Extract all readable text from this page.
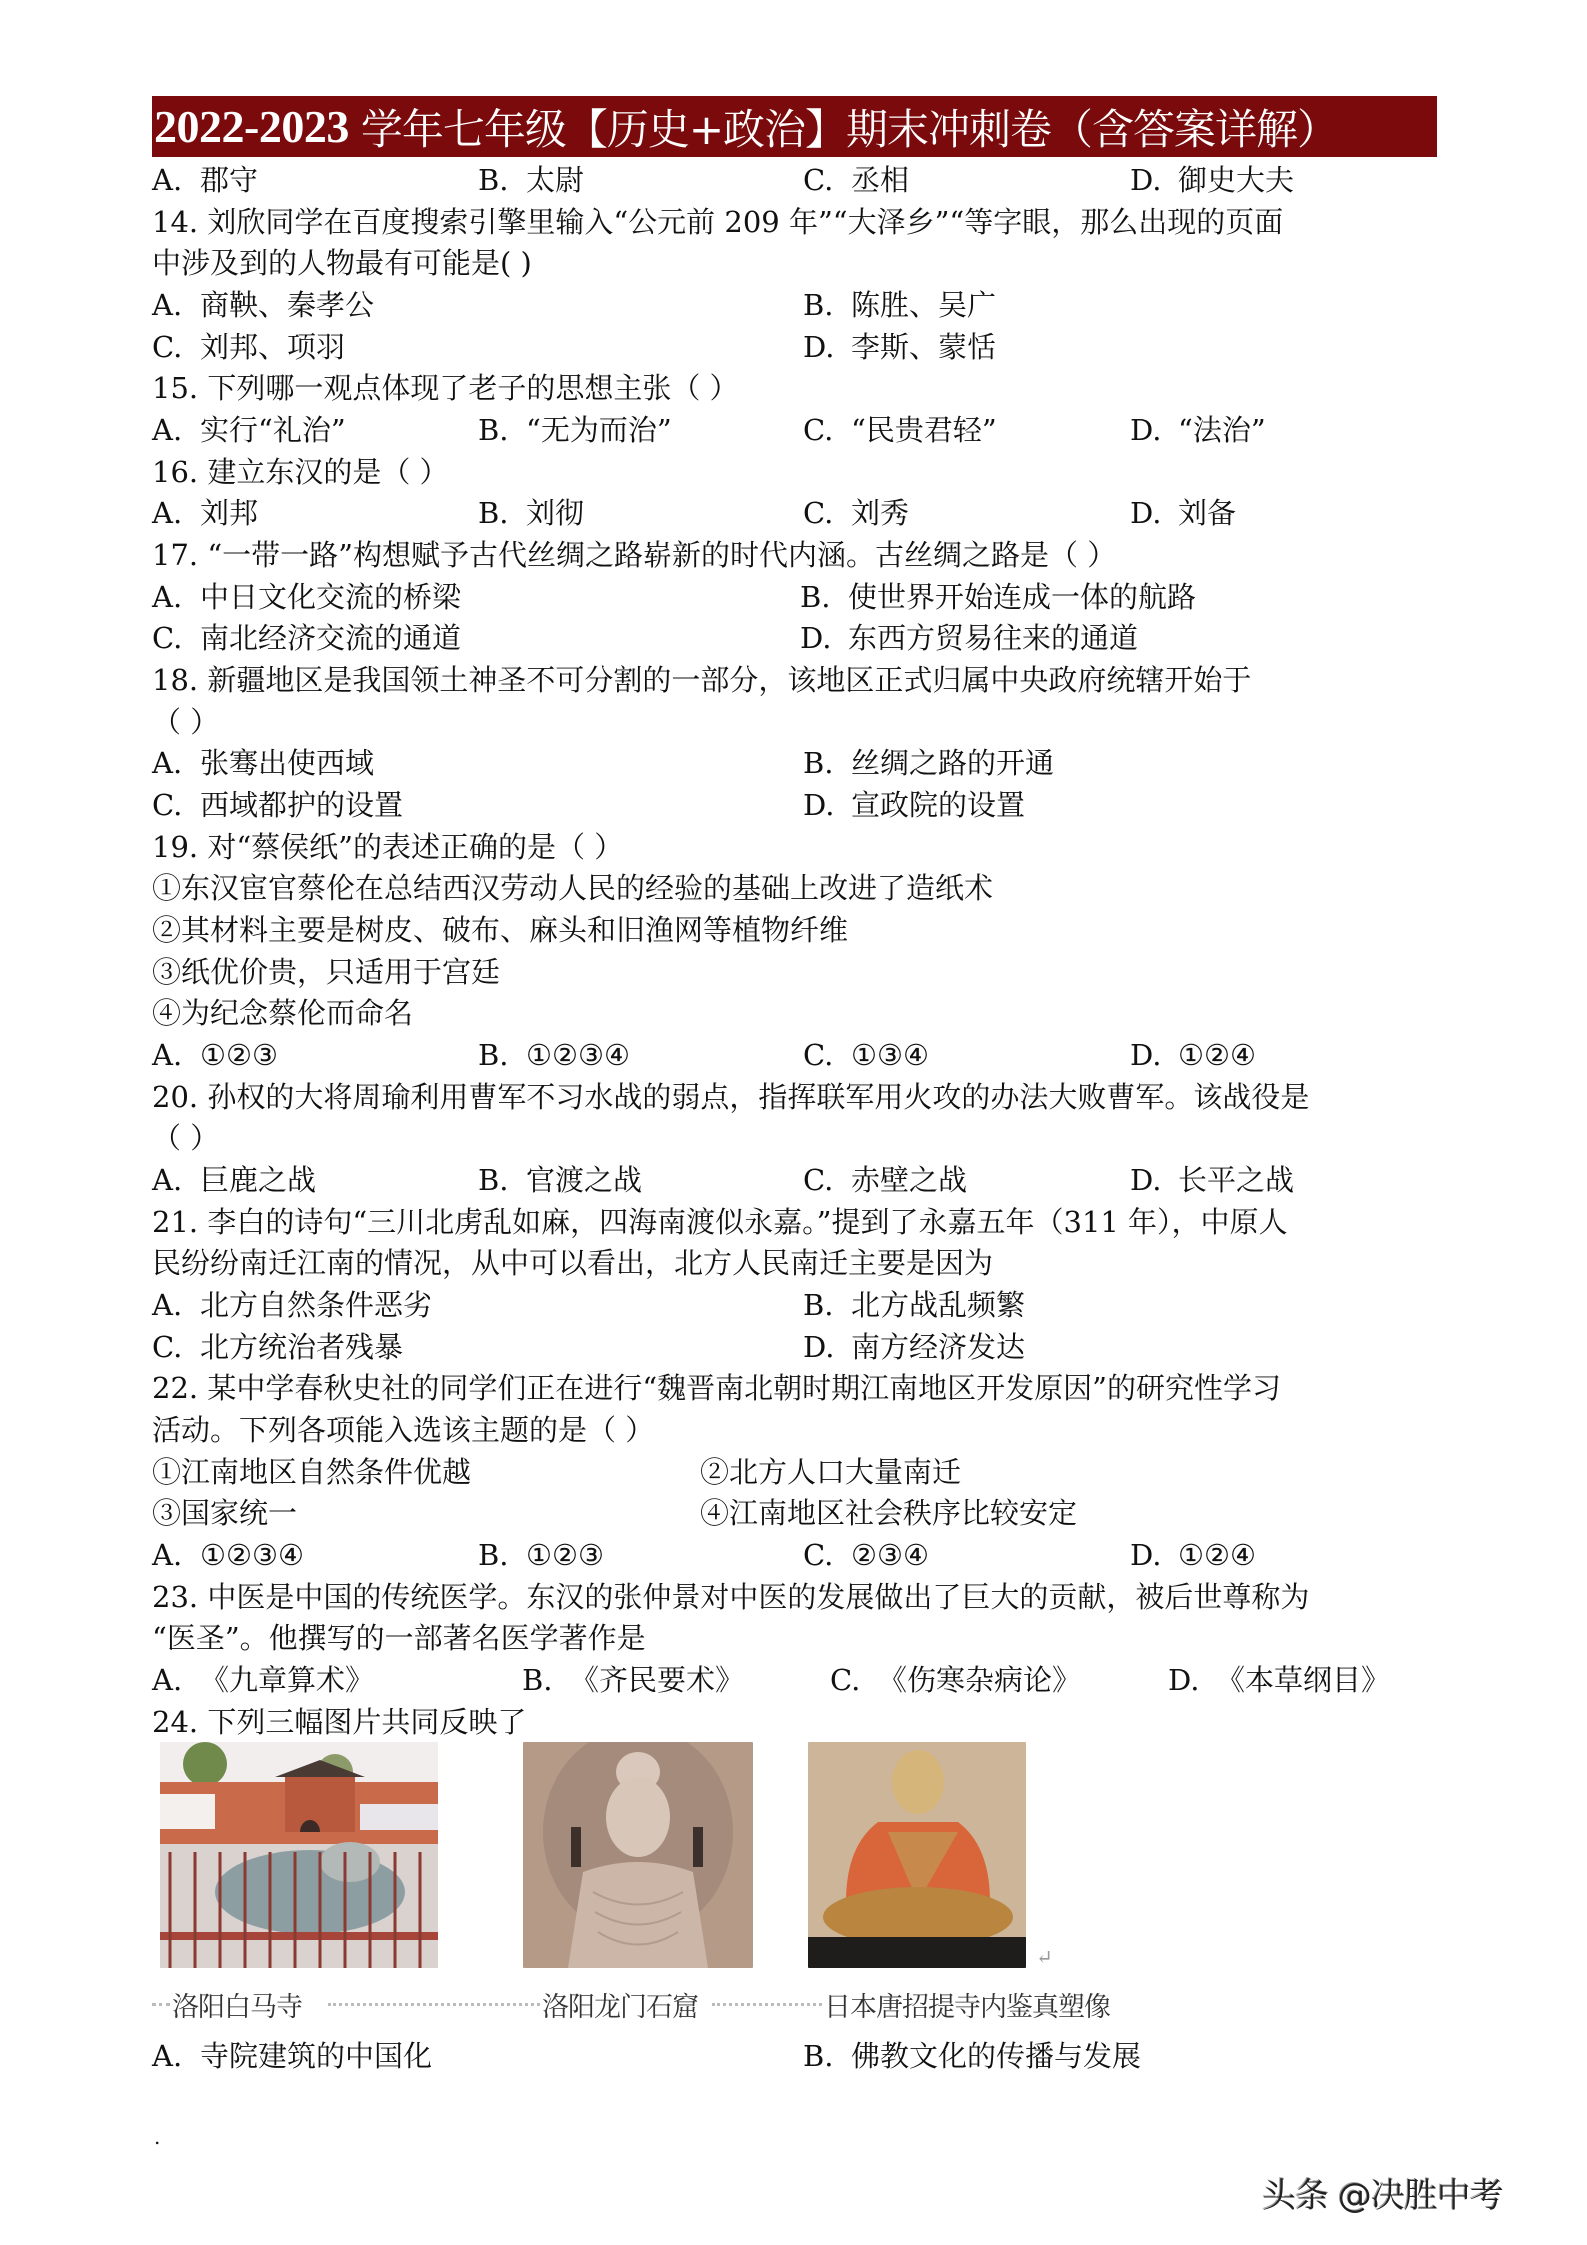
2022-2023 学年七年级【历史+政治】期末冲刺卷（含答案详解）
A. 郡守	B. 太尉	C. 丞相	D. 御史大夫
14. 刘欣同学在百度搜索引擎里输入“公元前 209 年”“大泽乡”“等字眼，那么出现的页面
中涉及到的人物最有可能是( )
A. 商鞅、秦孝公	B. 陈胜、吴广
C. 刘邦、项羽	D. 李斯、蒙恬
15. 下列哪一观点体现了老子的思想主张（ ）
A. 实行“礼治”	B. “无为而治”	C. “民贵君轻”	D. “法治”
16. 建立东汉的是（ ）
A. 刘邦	B. 刘彻	C. 刘秀	D. 刘备
17. “一带一路”构想赋予古代丝绸之路崭新的时代内涵。古丝绸之路是（ ）
A. 中日文化交流的桥梁	B. 使世界开始连成一体的航路
C. 南北经济交流的通道	D. 东西方贸易往来的通道
18. 新疆地区是我国领土神圣不可分割的一部分，该地区正式归属中央政府统辖开始于
（ ）
A. 张骞出使西域	B. 丝绸之路的开通
C. 西域都护的设置	D. 宣政院的设置
19. 对“蔡侯纸”的表述正确的是（ ）
①东汉宦官蔡伦在总结西汉劳动人民的经验的基础上改进了造纸术
②其材料主要是树皮、破布、麻头和旧渔网等植物纤维
③纸优价贵，只适用于宫廷
④为纪念蔡伦而命名
A. ①②③	B. ①②③④	C. ①③④	D. ①②④
20. 孙权的大将周瑜利用曹军不习水战的弱点，指挥联军用火攻的办法大败曹军。该战役是
（ ）
A. 巨鹿之战	B. 官渡之战	C. 赤壁之战	D. 长平之战
21. 李白的诗句“三川北虏乱如麻，四海南渡似永嘉。”提到了永嘉五年（311 年），中原人
民纷纷南迁江南的情况，从中可以看出，北方人民南迁主要是因为
A. 北方自然条件恶劣	B. 北方战乱频繁
C. 北方统治者残暴	D. 南方经济发达
22. 某中学春秋史社的同学们正在进行“魏晋南北朝时期江南地区开发原因”的研究性学习
活动。下列各项能入选该主题的是（ ）
①江南地区自然条件优越	②北方人口大量南迁
③国家统一	④江南地区社会秩序比较安定
A. ①②③④	B. ①②③	C. ②③④	D. ①②④
23. 中医是中国的传统医学。东汉的张仲景对中医的发展做出了巨大的贡献，被后世尊称为
“医圣”。他撰写的一部著名医学著作是
A. 《九章算术》	B. 《齐民要术》	C. 《伤寒杂病论》	D. 《本草纲目》
24. 下列三幅图片共同反映了
↵
洛阳白马寺	洛阳龙门石窟	日本唐招提寺内鉴真塑像
A. 寺院建筑的中国化	B. 佛教文化的传播与发展
.
头条 @决胜中考
